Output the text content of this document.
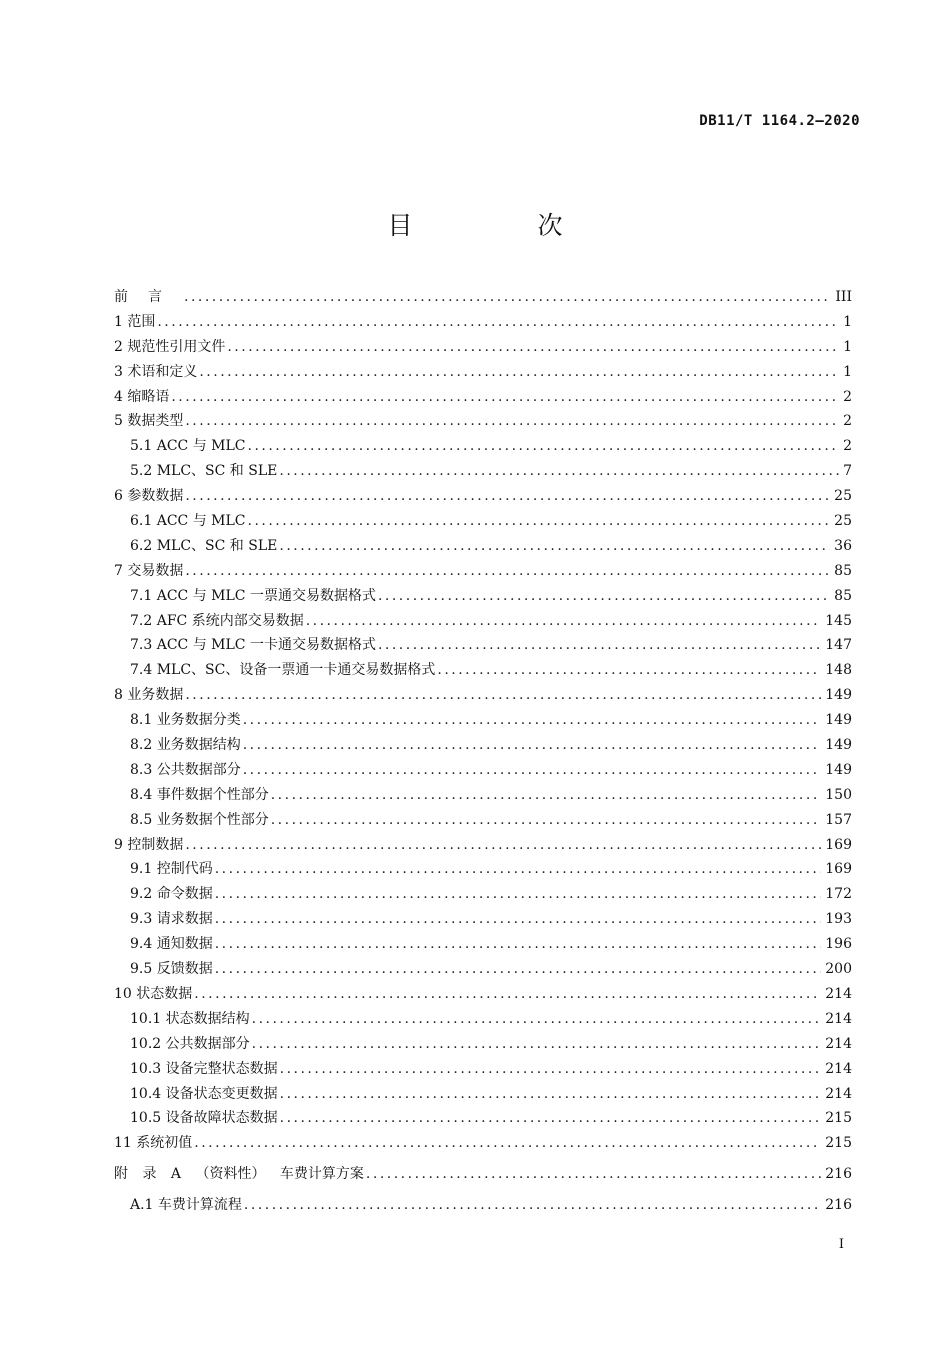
DB11/T 1164.2—2020
目　次
前言 .....	III
1 范围 .....	1
2 规范性引用文件 .....	1
3 术语和定义 .....	1
4 缩略语 .....	2
5 数据类型 .....	2
5.1 ACC 与 MLC .....	2
5.2 MLC、SC 和 SLE .....	7
6 参数数据 .....	25
6.1 ACC 与 MLC .....	25
6.2 MLC、SC 和 SLE .....	36
7 交易数据 .....	85
7.1 ACC 与 MLC 一票通交易数据格式 .....	85
7.2 AFC 系统内部交易数据 .....	145
7.3 ACC 与 MLC 一卡通交易数据格式 .....	147
7.4 MLC、SC、设备一票通一卡通交易数据格式 .....	148
8 业务数据 .....	149
8.1 业务数据分类 .....	149
8.2 业务数据结构 .....	149
8.3 公共数据部分 .....	149
8.4 事件数据个性部分 .....	150
8.5 业务数据个性部分 .....	157
9 控制数据 .....	169
9.1 控制代码 .....	169
9.2 命令数据 .....	172
9.3 请求数据 .....	193
9.4 通知数据 .....	196
9.5 反馈数据 .....	200
10 状态数据 .....	214
10.1 状态数据结构 .....	214
10.2 公共数据部分 .....	214
10.3 设备完整状态数据 .....	214
10.4 设备状态变更数据 .....	214
10.5 设备故障状态数据 .....	215
11 系统初值 .....	215
附 录 A （资料性） 车费计算方案 .....	216
A.1 车费计算流程 .....	216
I
